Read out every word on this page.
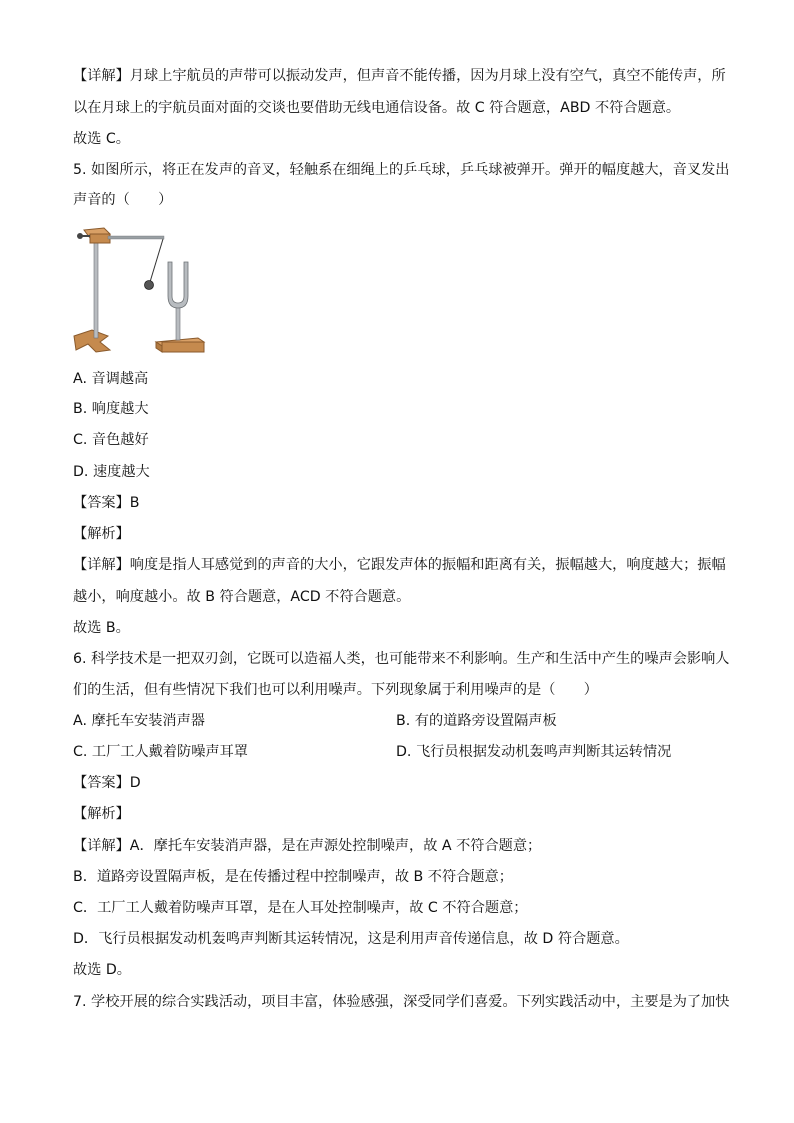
【详解】月球上宇航员的声带可以振动发声，但声音不能传播，因为月球上没有空气，真空不能传声，所
以在月球上的宇航员面对面的交谈也要借助无线电通信设备。故 C 符合题意，ABD 不符合题意。
故选 C。
5. 如图所示，将正在发声的音叉，轻触系在细绳上的乒乓球，乒乓球被弹开。弹开的幅度越大，音叉发出
声音的（　　）
A. 音调越高
B. 响度越大
C. 音色越好
D. 速度越大
【答案】B
【解析】
【详解】响度是指人耳感觉到的声音的大小，它跟发声体的振幅和距离有关，振幅越大，响度越大；振幅
越小，响度越小。故 B 符合题意，ACD 不符合题意。
故选 B。
6. 科学技术是一把双刃剑，它既可以造福人类，也可能带来不利影响。生产和生活中产生的噪声会影响人
们的生活，但有些情况下我们也可以利用噪声。下列现象属于利用噪声的是（　　）
A. 摩托车安装消声器	B. 有的道路旁设置隔声板
C. 工厂工人戴着防噪声耳罩	D. 飞行员根据发动机轰鸣声判断其运转情况
【答案】D
【解析】
【详解】A．摩托车安装消声器，是在声源处控制噪声，故 A 不符合题意；
B．道路旁设置隔声板，是在传播过程中控制噪声，故 B 不符合题意；
C．工厂工人戴着防噪声耳罩，是在人耳处控制噪声，故 C 不符合题意；
D．飞行员根据发动机轰鸣声判断其运转情况，这是利用声音传递信息，故 D 符合题意。
故选 D。
7. 学校开展的综合实践活动，项目丰富，体验感强，深受同学们喜爱。下列实践活动中，主要是为了加快
